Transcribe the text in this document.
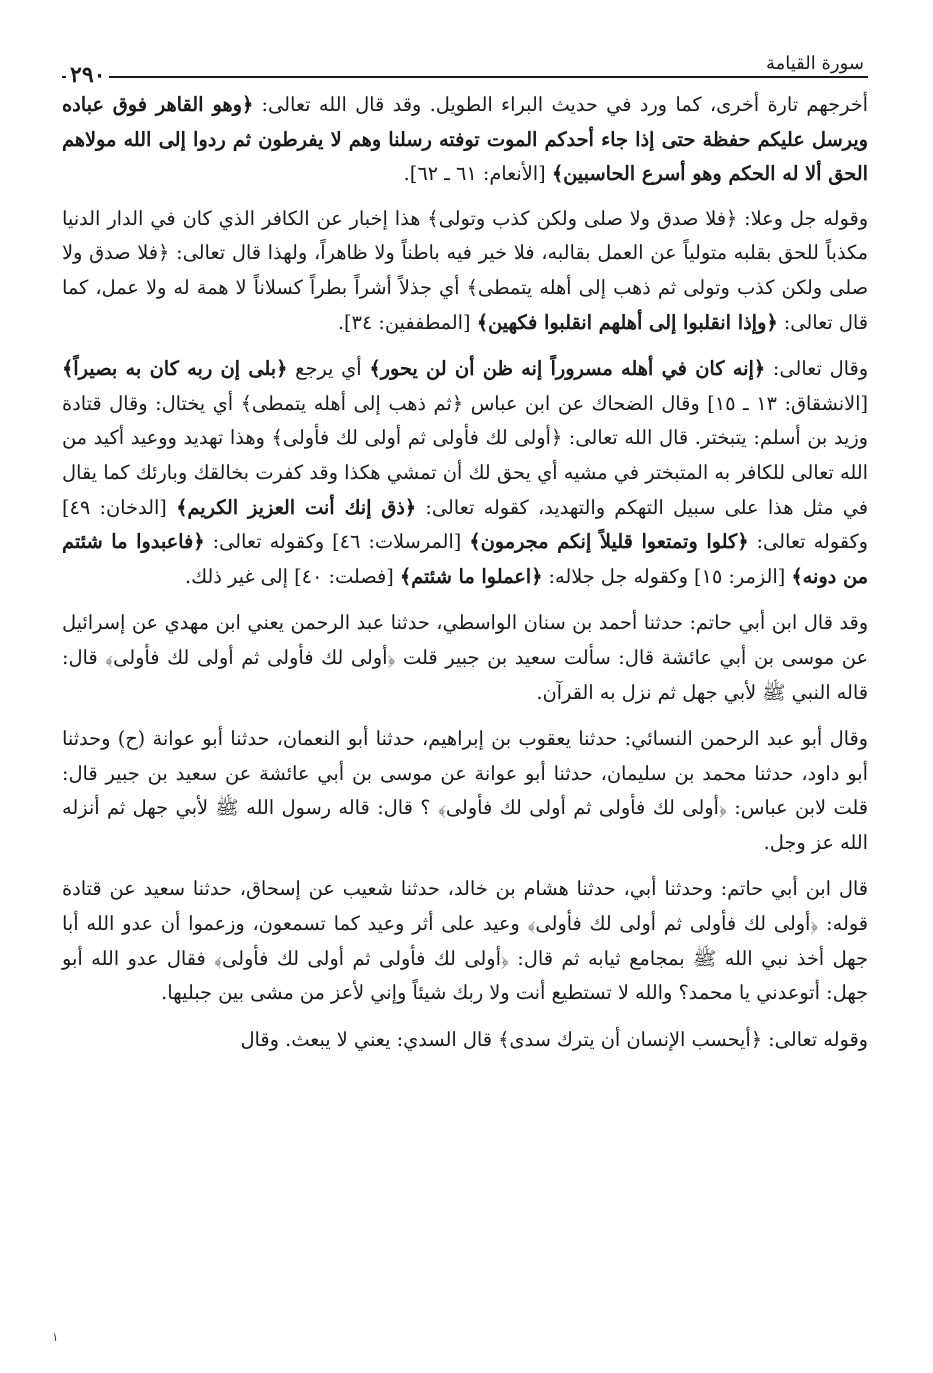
سورة القيامة
٢٩٠

أخرجهم تارة أخرى، كما ورد في حديث البراء الطويل. وقد قال الله تعالى: ﴿وهو القاهر فوق عباده ويرسل عليكم حفظة حتى إذا جاء أحدكم الموت توفته رسلنا وهم لا يفرطون ثم ردوا إلى الله مولاهم الحق ألا له الحكم وهو أسرع الحاسبين﴾ [الأنعام: ٦١ ـ ٦٢].

وقوله جل وعلا: ﴿فلا صدق ولا صلى ولكن كذب وتولى﴾ هذا إخبار عن الكافر الذي كان في الدار الدنيا مكذباً للحق بقلبه متولياً عن العمل بقالبه، فلا خير فيه باطناً ولا ظاهراً، ولهذا قال تعالى: ﴿فلا صدق ولا صلى ولكن كذب وتولى ثم ذهب إلى أهله يتمطى﴾ أي جذلاً أشراً بطراً كسلاناً لا همة له ولا عمل، كما قال تعالى: ﴿وإذا انقلبوا إلى أهلهم انقلبوا فكهين﴾ [المطففين: ٣٤].

وقال تعالى: ﴿إنه كان في أهله مسروراً إنه ظن أن لن يحور﴾ أي يرجع ﴿بلى إن ربه كان به بصيراً﴾ [الانشقاق: ١٣ ـ ١٥] وقال الضحاك عن ابن عباس ﴿ثم ذهب إلى أهله يتمطى﴾ أي يختال: وقال قتادة وزيد بن أسلم: يتبختر. قال الله تعالى: ﴿أولى لك فأولى ثم أولى لك فأولى﴾ وهذا تهديد ووعيد أكيد من الله تعالى للكافر به المتبختر في مشيه أي يحق لك أن تمشي هكذا وقد كفرت بخالقك وبارئك كما يقال في مثل هذا على سبيل التهكم والتهديد، كقوله تعالى: ﴿ذق إنك أنت العزيز الكريم﴾ [الدخان: ٤٩] وكقوله تعالى: ﴿كلوا وتمتعوا قليلاً إنكم مجرمون﴾ [المرسلات: ٤٦] وكقوله تعالى: ﴿فاعبدوا ما شئتم من دونه﴾ [الزمر: ١٥] وكقوله جل جلاله: ﴿اعملوا ما شئتم﴾ [فصلت: ٤٠] إلى غير ذلك.

وقد قال ابن أبي حاتم: حدثنا أحمد بن سنان الواسطي، حدثنا عبد الرحمن يعني ابن مهدي عن إسرائيل عن موسى بن أبي عائشة قال: سألت سعيد بن جبير قلت ﴿أولى لك فأولى ثم أولى لك فأولى﴾ قال: قاله النبي ﷺ لأبي جهل ثم نزل به القرآن.

وقال أبو عبد الرحمن النسائي: حدثنا يعقوب بن إبراهيم، حدثنا أبو النعمان، حدثنا أبو عوانة (ح) وحدثنا أبو داود، حدثنا محمد بن سليمان، حدثنا أبو عوانة عن موسى بن أبي عائشة عن سعيد بن جبير قال: قلت لابن عباس: ﴿أولى لك فأولى ثم أولى لك فأولى﴾ ؟ قال: قاله رسول الله ﷺ لأبي جهل ثم أنزله الله عز وجل.

قال ابن أبي حاتم: وحدثنا أبي، حدثنا هشام بن خالد، حدثنا شعيب عن إسحاق، حدثنا سعيد عن قتادة قوله: ﴿أولى لك فأولى ثم أولى لك فأولى﴾ وعيد على أثر وعيد كما تسمعون، وزعموا أن عدو الله أبا جهل أخذ نبي الله ﷺ بمجامع ثيابه ثم قال: ﴿أولى لك فأولى ثم أولى لك فأولى﴾ فقال عدو الله أبو جهل: أتوعدني يا محمد؟ والله لا تستطيع أنت ولا ربك شيئاً وإني لأعز من مشى بين جبليها.

وقوله تعالى: ﴿أيحسب الإنسان أن يترك سدى﴾ قال السدي: يعني لا يبعث. وقال

١
